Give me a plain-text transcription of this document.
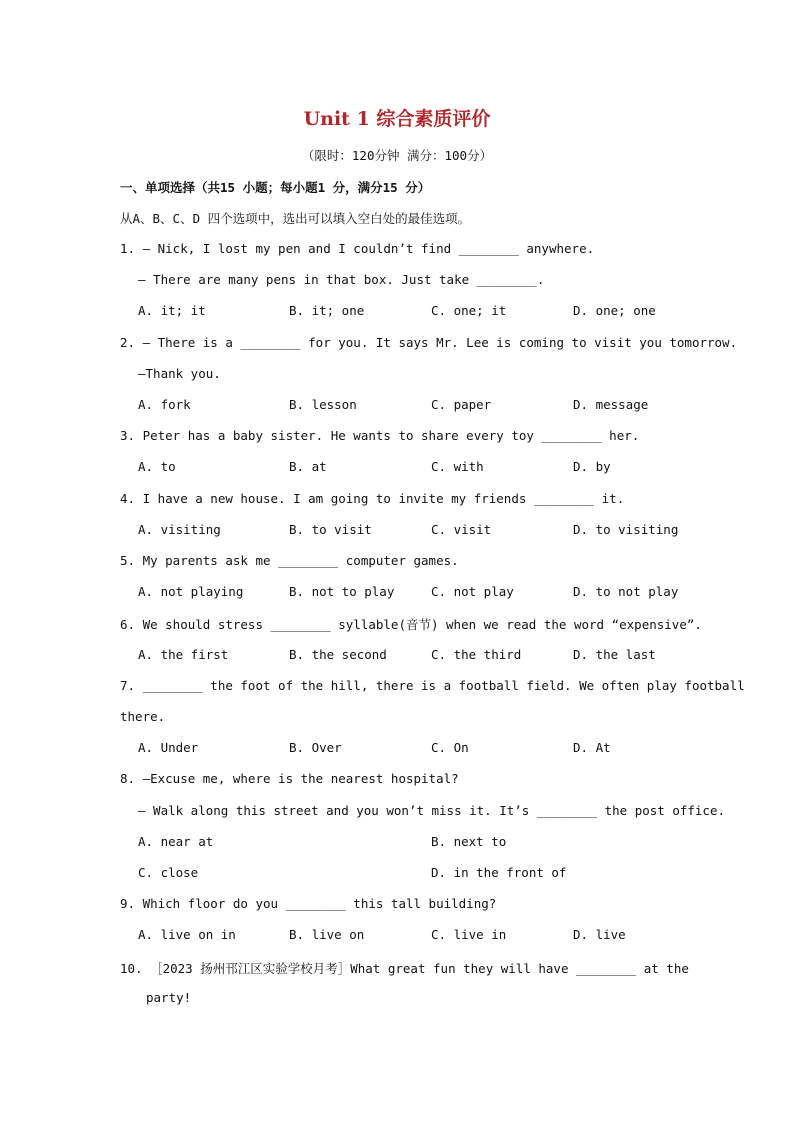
Unit 1 综合素质评价
（限时：120分钟 满分：100分）
一、单项选择（共15 小题；每小题1 分，满分15 分）
从A、B、C、D 四个选项中，选出可以填入空白处的最佳选项。
1. — Nick, I lost my pen and I couldn’t find ________ anywhere.
— There are many pens in that box. Just take ________.
A. it; it	B. it; one	C. one; it	D. one; one
2. — There is a ________ for you. It says Mr. Lee is coming to visit you tomorrow.
—Thank you.
A. fork	B. lesson	C. paper	D. message
3. Peter has a baby sister. He wants to share every toy ________ her.
A. to	B. at	C. with	D. by
4. I have a new house. I am going to invite my friends ________ it.
A. visiting	B. to visit	C. visit	D. to visiting
5. My parents ask me ________ computer games.
A. not playing	B. not to play	C. not play	D. to not play
6. We should stress ________ syllable(音节) when we read the word “expensive”.
A. the first	B. the second	C. the third	D. the last
7. ________ the foot of the hill, there is a football field. We often play football
there.
A. Under	B. Over	C. On	D. At
8. —Excuse me, where is the nearest hospital?
— Walk along this street and you won’t miss it. It’s ________ the post office.
A. near at	B. next to
C. close	D. in the front of
9. Which floor do you ________ this tall building?
A. live on in	B. live on	C. live in	D. live
10. ［2023 扬州邗江区实验学校月考］What great fun they will have ________ at the
party!
